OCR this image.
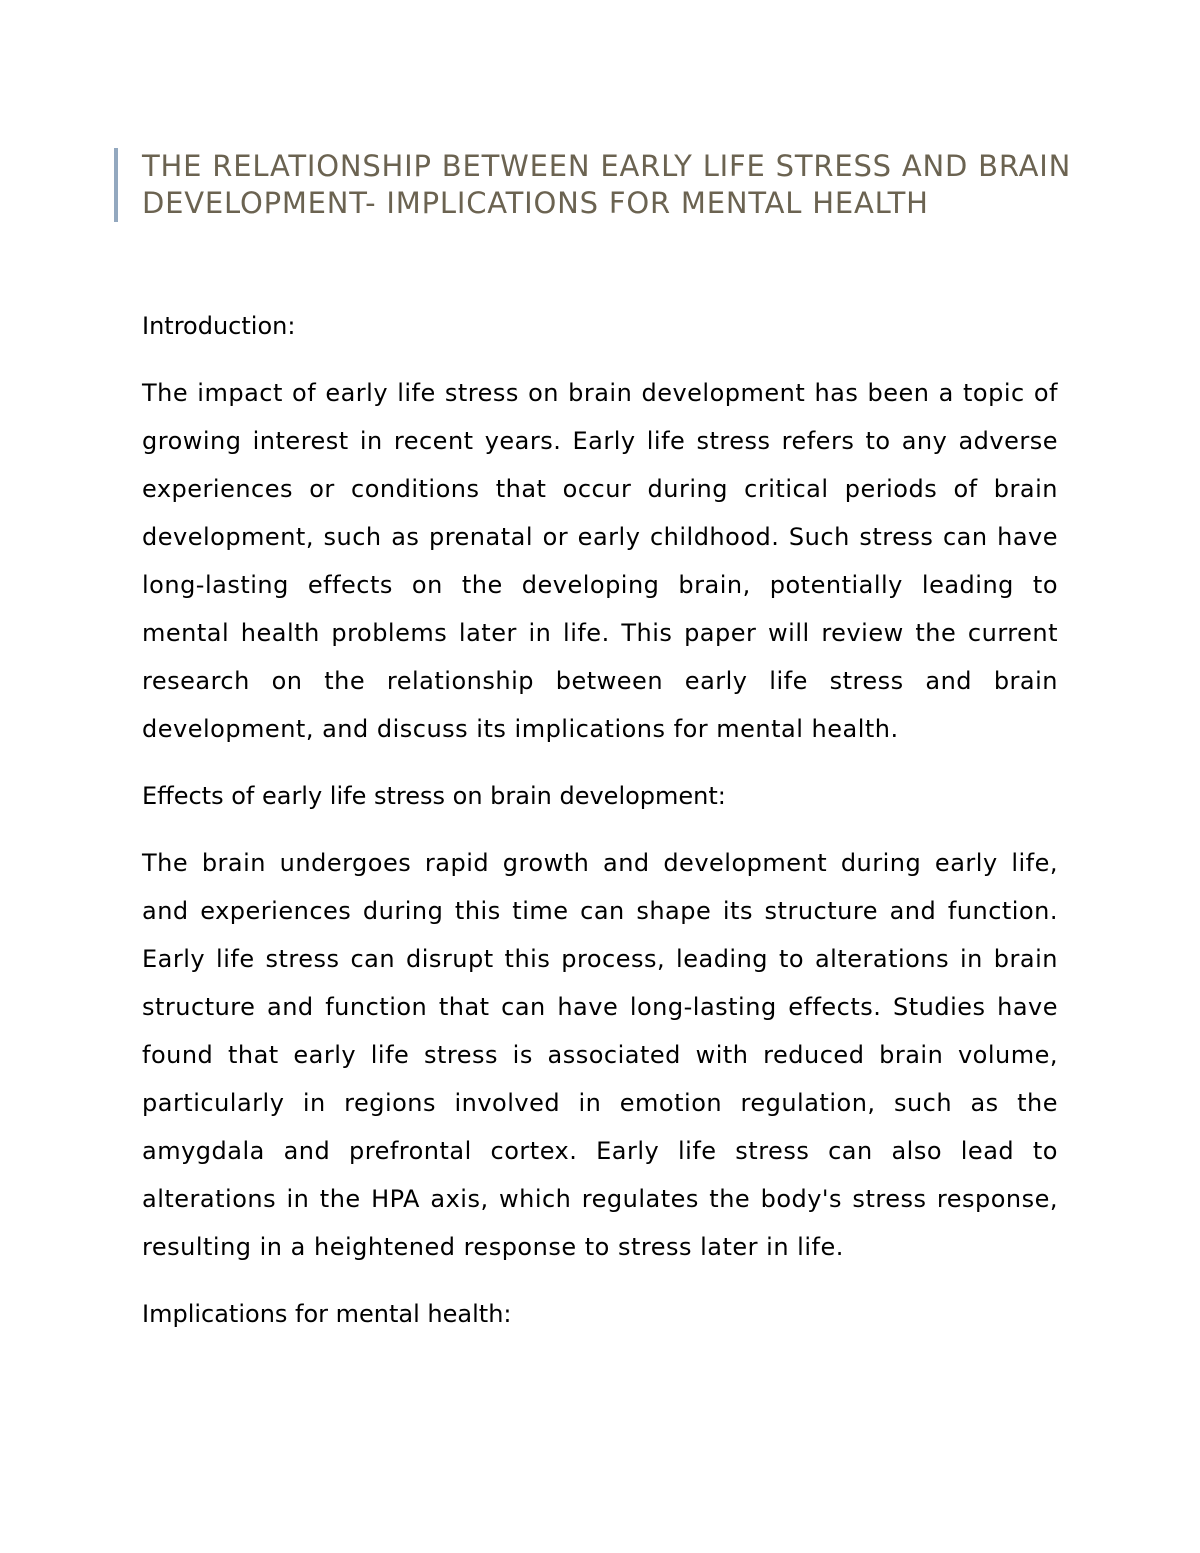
THE RELATIONSHIP BETWEEN EARLY LIFE STRESS AND BRAIN DEVELOPMENT- IMPLICATIONS FOR MENTAL HEALTH

Introduction:

The impact of early life stress on brain development has been a topic of growing interest in recent years. Early life stress refers to any adverse experiences or conditions that occur during critical periods of brain development, such as prenatal or early childhood. Such stress can have long-lasting effects on the developing brain, potentially leading to mental health problems later in life. This paper will review the current research on the relationship between early life stress and brain development, and discuss its implications for mental health.

Effects of early life stress on brain development:

The brain undergoes rapid growth and development during early life, and experiences during this time can shape its structure and function. Early life stress can disrupt this process, leading to alterations in brain structure and function that can have long-lasting effects. Studies have found that early life stress is associated with reduced brain volume, particularly in regions involved in emotion regulation, such as the amygdala and prefrontal cortex. Early life stress can also lead to alterations in the HPA axis, which regulates the body's stress response, resulting in a heightened response to stress later in life.

Implications for mental health:
